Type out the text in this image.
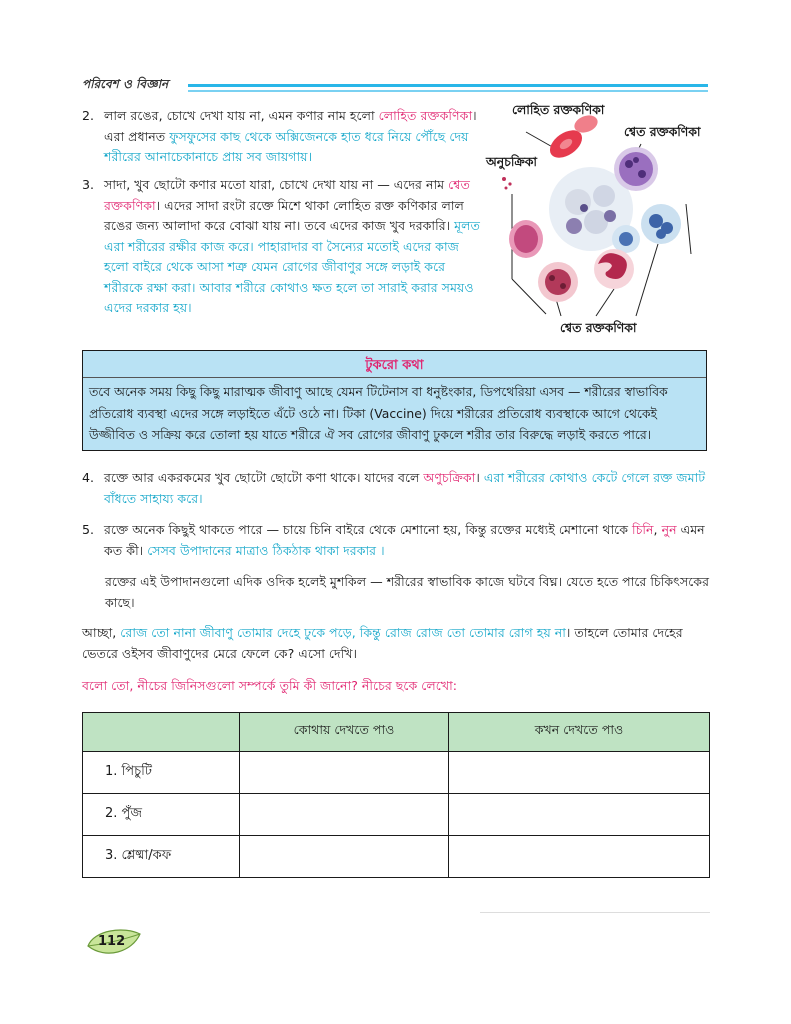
পরিবেশ ও বিজ্ঞান
2. লাল রঙের, চোখে দেখা যায় না, এমন কণার নাম হলো লোহিত রক্তকণিকা। এরা প্রধানত ফুসফুসের কাছ থেকে অক্সিজেনকে হাত ধরে নিয়ে পৌঁছে দেয় শরীরের আনাচেকানাচে প্রায় সব জায়গায়।
3. সাদা, খুব ছোটো কণার মতো যারা, চোখে দেখা যায় না — এদের নাম শ্বেত রক্তকণিকা। এদের সাদা রংটা রক্তে মিশে থাকা লোহিত রক্ত কণিকার লাল রঙের জন্য আলাদা করে বোঝা যায় না। তবে এদের কাজ খুব দরকারি। মূলত এরা শরীরের রক্ষীর কাজ করে। পাহারাদার বা সৈন্যের মতোই এদের কাজ হলো বাইরে থেকে আসা শত্রু যেমন রোগের জীবাণুর সঙ্গে লড়াই করে শরীরকে রক্ষা করা। আবার শরীরে কোথাও ক্ষত হলে তা সারাই করার সময়ও এদের দরকার হয়।
লোহিত রক্তকণিকা
শ্বেত রক্তকণিকা
অনুচক্রিকা
শ্বেত রক্তকণিকা
টুকরো কথা
তবে অনেক সময় কিছু কিছু মারাত্মক জীবাণু আছে যেমন টিটেনাস বা ধনুষ্টংকার, ডিপথেরিয়া এসব — শরীরের স্বাভাবিক প্রতিরোধ ব্যবস্থা এদের সঙ্গে লড়াইতে এঁটে ওঠে না। টিকা (Vaccine) দিয়ে শরীরের প্রতিরোধ ব্যবস্থাকে আগে থেকেই উজ্জীবিত ও সক্রিয় করে তোলা হয় যাতে শরীরে ঐ সব রোগের জীবাণু ঢুকলে শরীর তার বিরুদ্ধে লড়াই করতে পারে।
4. রক্তে আর একরকমের খুব ছোটো ছোটো কণা থাকে। যাদের বলে অণুচক্রিকা। এরা শরীরের কোথাও কেটে গেলে রক্ত জমাট বাঁধতে সাহায্য করে।
5. রক্তে অনেক কিছুই থাকতে পারে — চায়ে চিনি বাইরে থেকে মেশানো হয়, কিন্তু রক্তের মধ্যেই মেশানো থাকে চিনি, নুন এমন কত কী। সেসব উপাদানের মাত্রাও ঠিকঠাক থাকা দরকার ।
রক্তের এই উপাদানগুলো এদিক ওদিক হলেই মুশকিল — শরীরের স্বাভাবিক কাজে ঘটবে বিঘ্ন। যেতে হতে পারে চিকিৎসকের কাছে।
আচ্ছা, রোজ তো নানা জীবাণু তোমার দেহে ঢুকে পড়ে, কিন্তু রোজ রোজ তো তোমার রোগ হয় না। তাহলে তোমার দেহের ভেতরে ওইসব জীবাণুদের মেরে ফেলে কে? এসো দেখি।
বলো তো, নীচের জিনিসগুলো সম্পর্কে তুমি কী জানো? নীচের ছকে লেখো:
	কোথায় দেখতে পাও	কখন দেখতে পাও
1. পিচুটি		
2. পুঁজ		
3. শ্লেষ্মা/কফ		
112
